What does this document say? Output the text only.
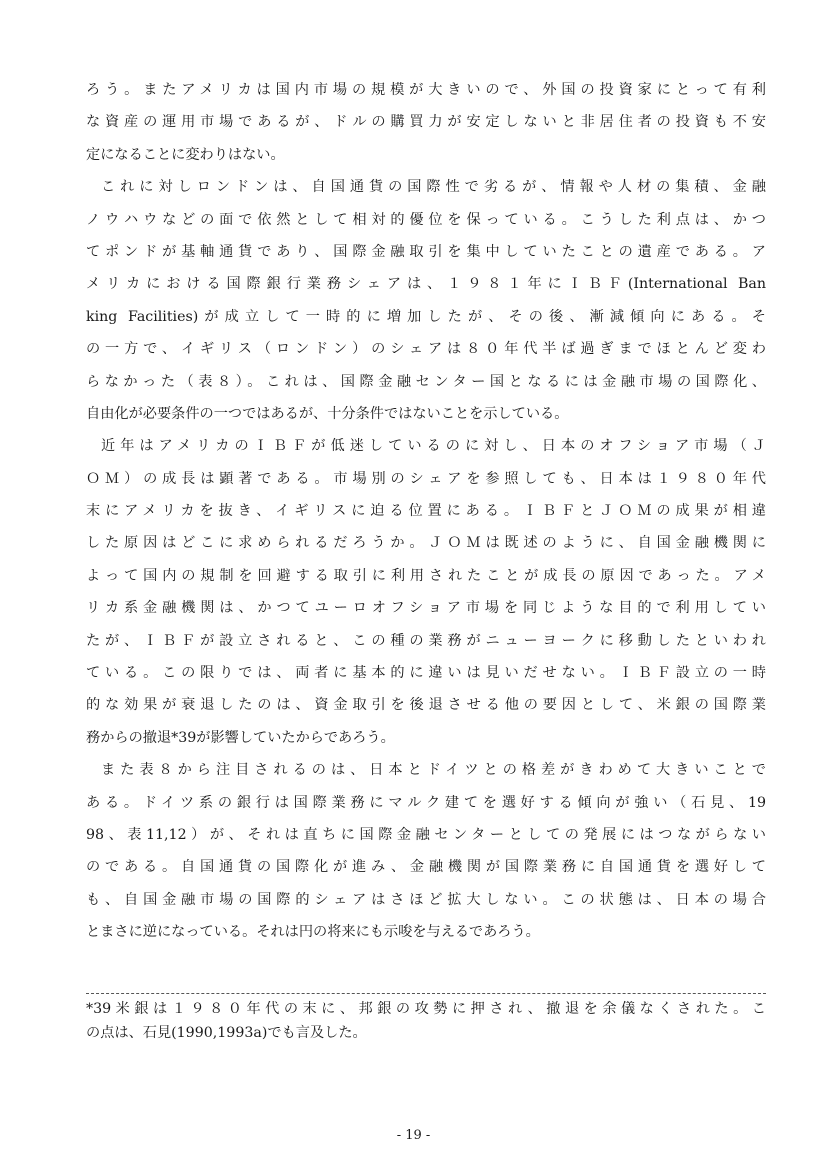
ろう。またアメリカは国内市場の規模が大きいので、外国の投資家にとって有利
な資産の運用市場であるが、ドルの購買力が安定しないと非居住者の投資も不安
定になることに変わりはない。
これに対しロンドンは、自国通貨の国際性で劣るが、情報や人材の集積、金融
ノウハウなどの面で依然として相対的優位を保っている。こうした利点は、かつ
てポンドが基軸通貨であり、国際金融取引を集中していたことの遺産である。ア
メリカにおける国際銀行業務シェアは、１９８１年にＩＢＦ(International Ban
king Facilities)が成立して一時的に増加したが、その後、漸減傾向にある。そ
の一方で、イギリス（ロンドン）のシェアは８０年代半ば過ぎまでほとんど変わ
らなかった（表８）。これは、国際金融センター国となるには金融市場の国際化、
自由化が必要条件の一つではあるが、十分条件ではないことを示している。
近年はアメリカのＩＢＦが低迷しているのに対し、日本のオフショア市場（Ｊ
ＯＭ）の成長は顕著である。市場別のシェアを参照しても、日本は１９８０年代
末にアメリカを抜き、イギリスに迫る位置にある。ＩＢＦとＪＯＭの成果が相違
した原因はどこに求められるだろうか。ＪＯＭは既述のように、自国金融機関に
よって国内の規制を回避する取引に利用されたことが成長の原因であった。アメ
リカ系金融機関は、かつてユーロオフショア市場を同じような目的で利用してい
たが、ＩＢＦが設立されると、この種の業務がニューヨークに移動したといわれ
ている。この限りでは、両者に基本的に違いは見いだせない。ＩＢＦ設立の一時
的な効果が衰退したのは、資金取引を後退させる他の要因として、米銀の国際業
務からの撤退*39が影響していたからであろう。
また表８から注目されるのは、日本とドイツとの格差がきわめて大きいことで
ある。ドイツ系の銀行は国際業務にマルク建てを選好する傾向が強い（石見、19
98、表11,12）が、それは直ちに国際金融センターとしての発展にはつながらない
のである。自国通貨の国際化が進み、金融機関が国際業務に自国通貨を選好して
も、自国金融市場の国際的シェアはさほど拡大しない。この状態は、日本の場合
とまさに逆になっている。それは円の将来にも示唆を与えるであろう。
*39米銀は１９８０年代の末に、邦銀の攻勢に押され、撤退を余儀なくされた。こ
の点は、石見(1990,1993a)でも言及した。
- 19 -
